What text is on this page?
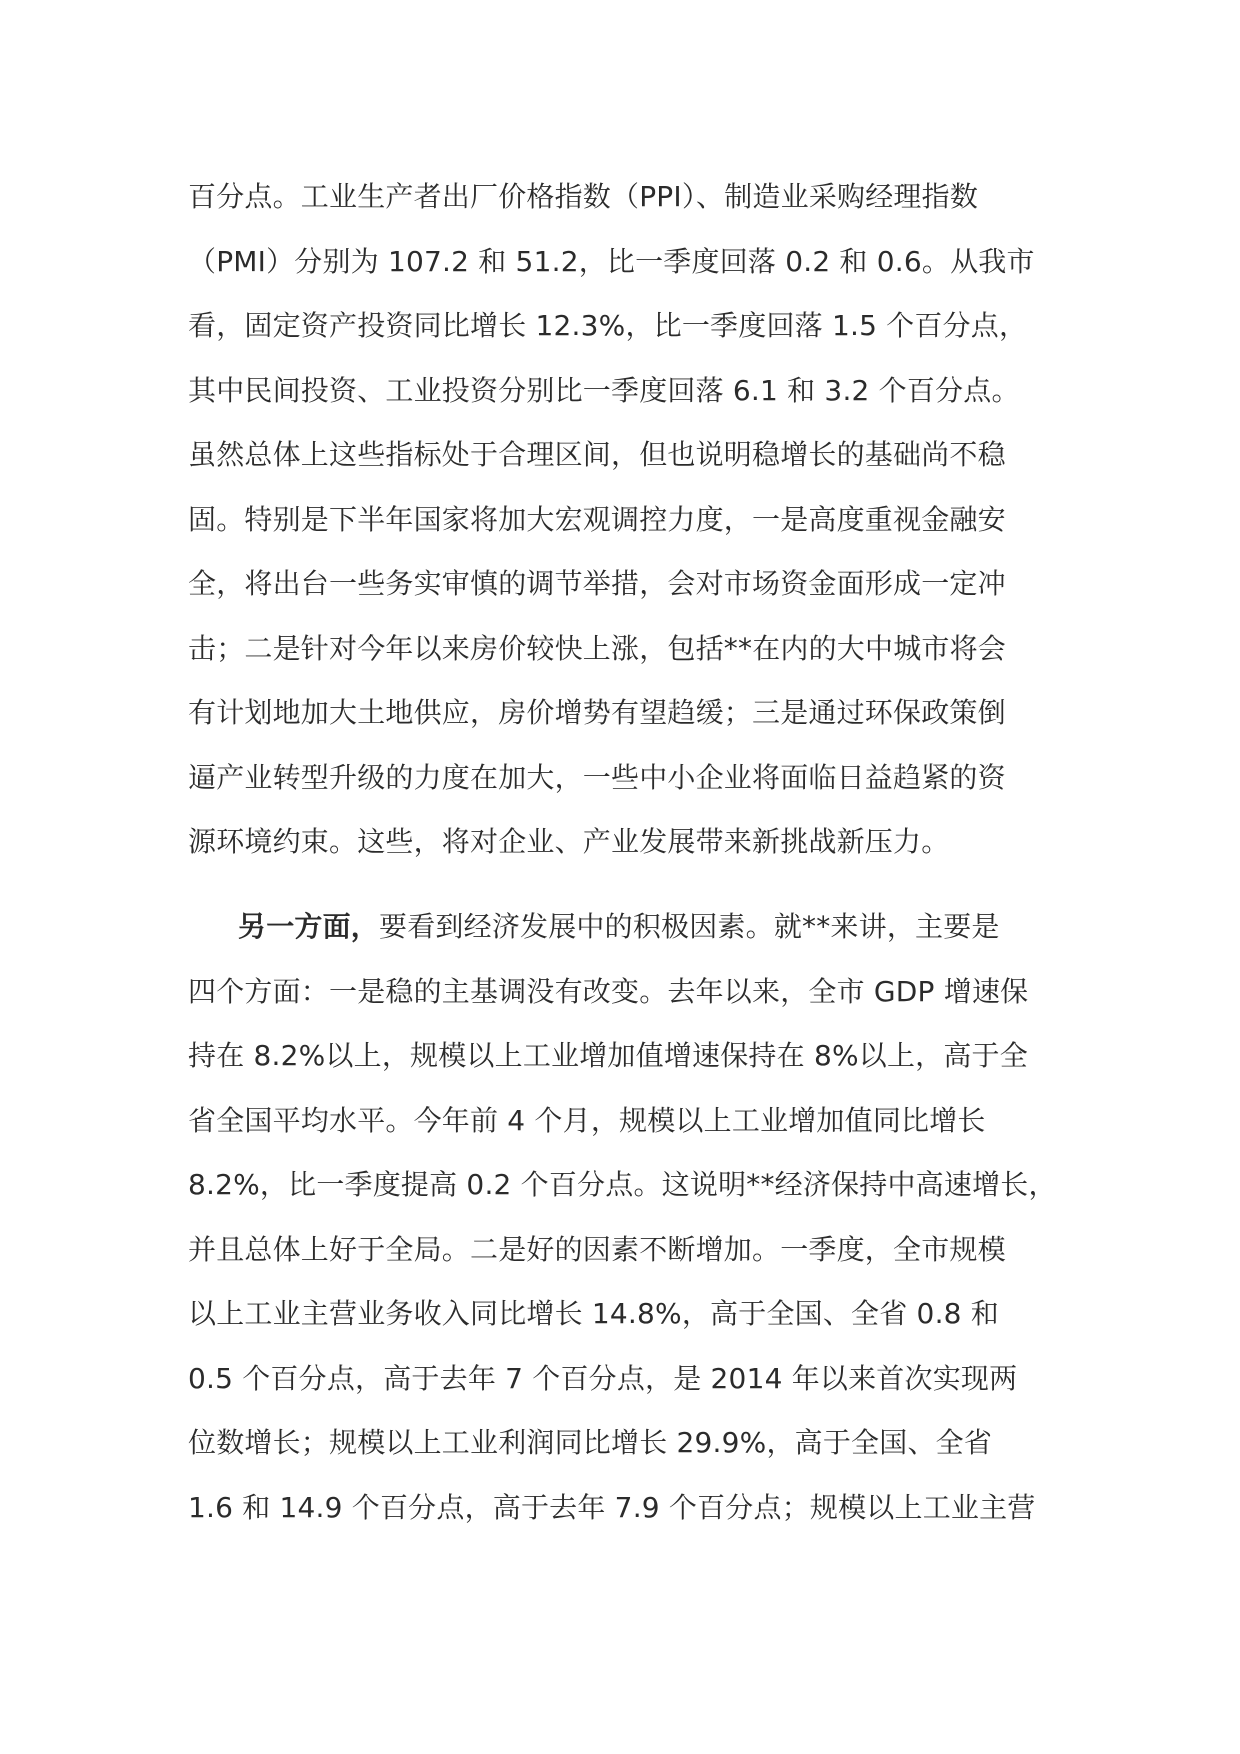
百分点。工业生产者出厂价格指数（PPI）、制造业采购经理指数
（PMI）分别为 107.2 和 51.2，比一季度回落 0.2 和 0.6。从我市
看，固定资产投资同比增长 12.3%，比一季度回落 1.5 个百分点，
其中民间投资、工业投资分别比一季度回落 6.1 和 3.2 个百分点。
虽然总体上这些指标处于合理区间，但也说明稳增长的基础尚不稳
固。特别是下半年国家将加大宏观调控力度，一是高度重视金融安
全，将出台一些务实审慎的调节举措，会对市场资金面形成一定冲
击；二是针对今年以来房价较快上涨，包括**在内的大中城市将会
有计划地加大土地供应，房价增势有望趋缓；三是通过环保政策倒
逼产业转型升级的力度在加大，一些中小企业将面临日益趋紧的资
源环境约束。这些，将对企业、产业发展带来新挑战新压力。
另一方面，要看到经济发展中的积极因素。就**来讲，主要是
四个方面：一是稳的主基调没有改变。去年以来，全市 GDP 增速保
持在 8.2%以上，规模以上工业增加值增速保持在 8%以上，高于全
省全国平均水平。今年前 4 个月，规模以上工业增加值同比增长
8.2%，比一季度提高 0.2 个百分点。这说明**经济保持中高速增长，
并且总体上好于全局。二是好的因素不断增加。一季度，全市规模
以上工业主营业务收入同比增长 14.8%，高于全国、全省 0.8 和
0.5 个百分点，高于去年 7 个百分点，是 2014 年以来首次实现两
位数增长；规模以上工业利润同比增长 29.9%，高于全国、全省
1.6 和 14.9 个百分点，高于去年 7.9 个百分点；规模以上工业主营
